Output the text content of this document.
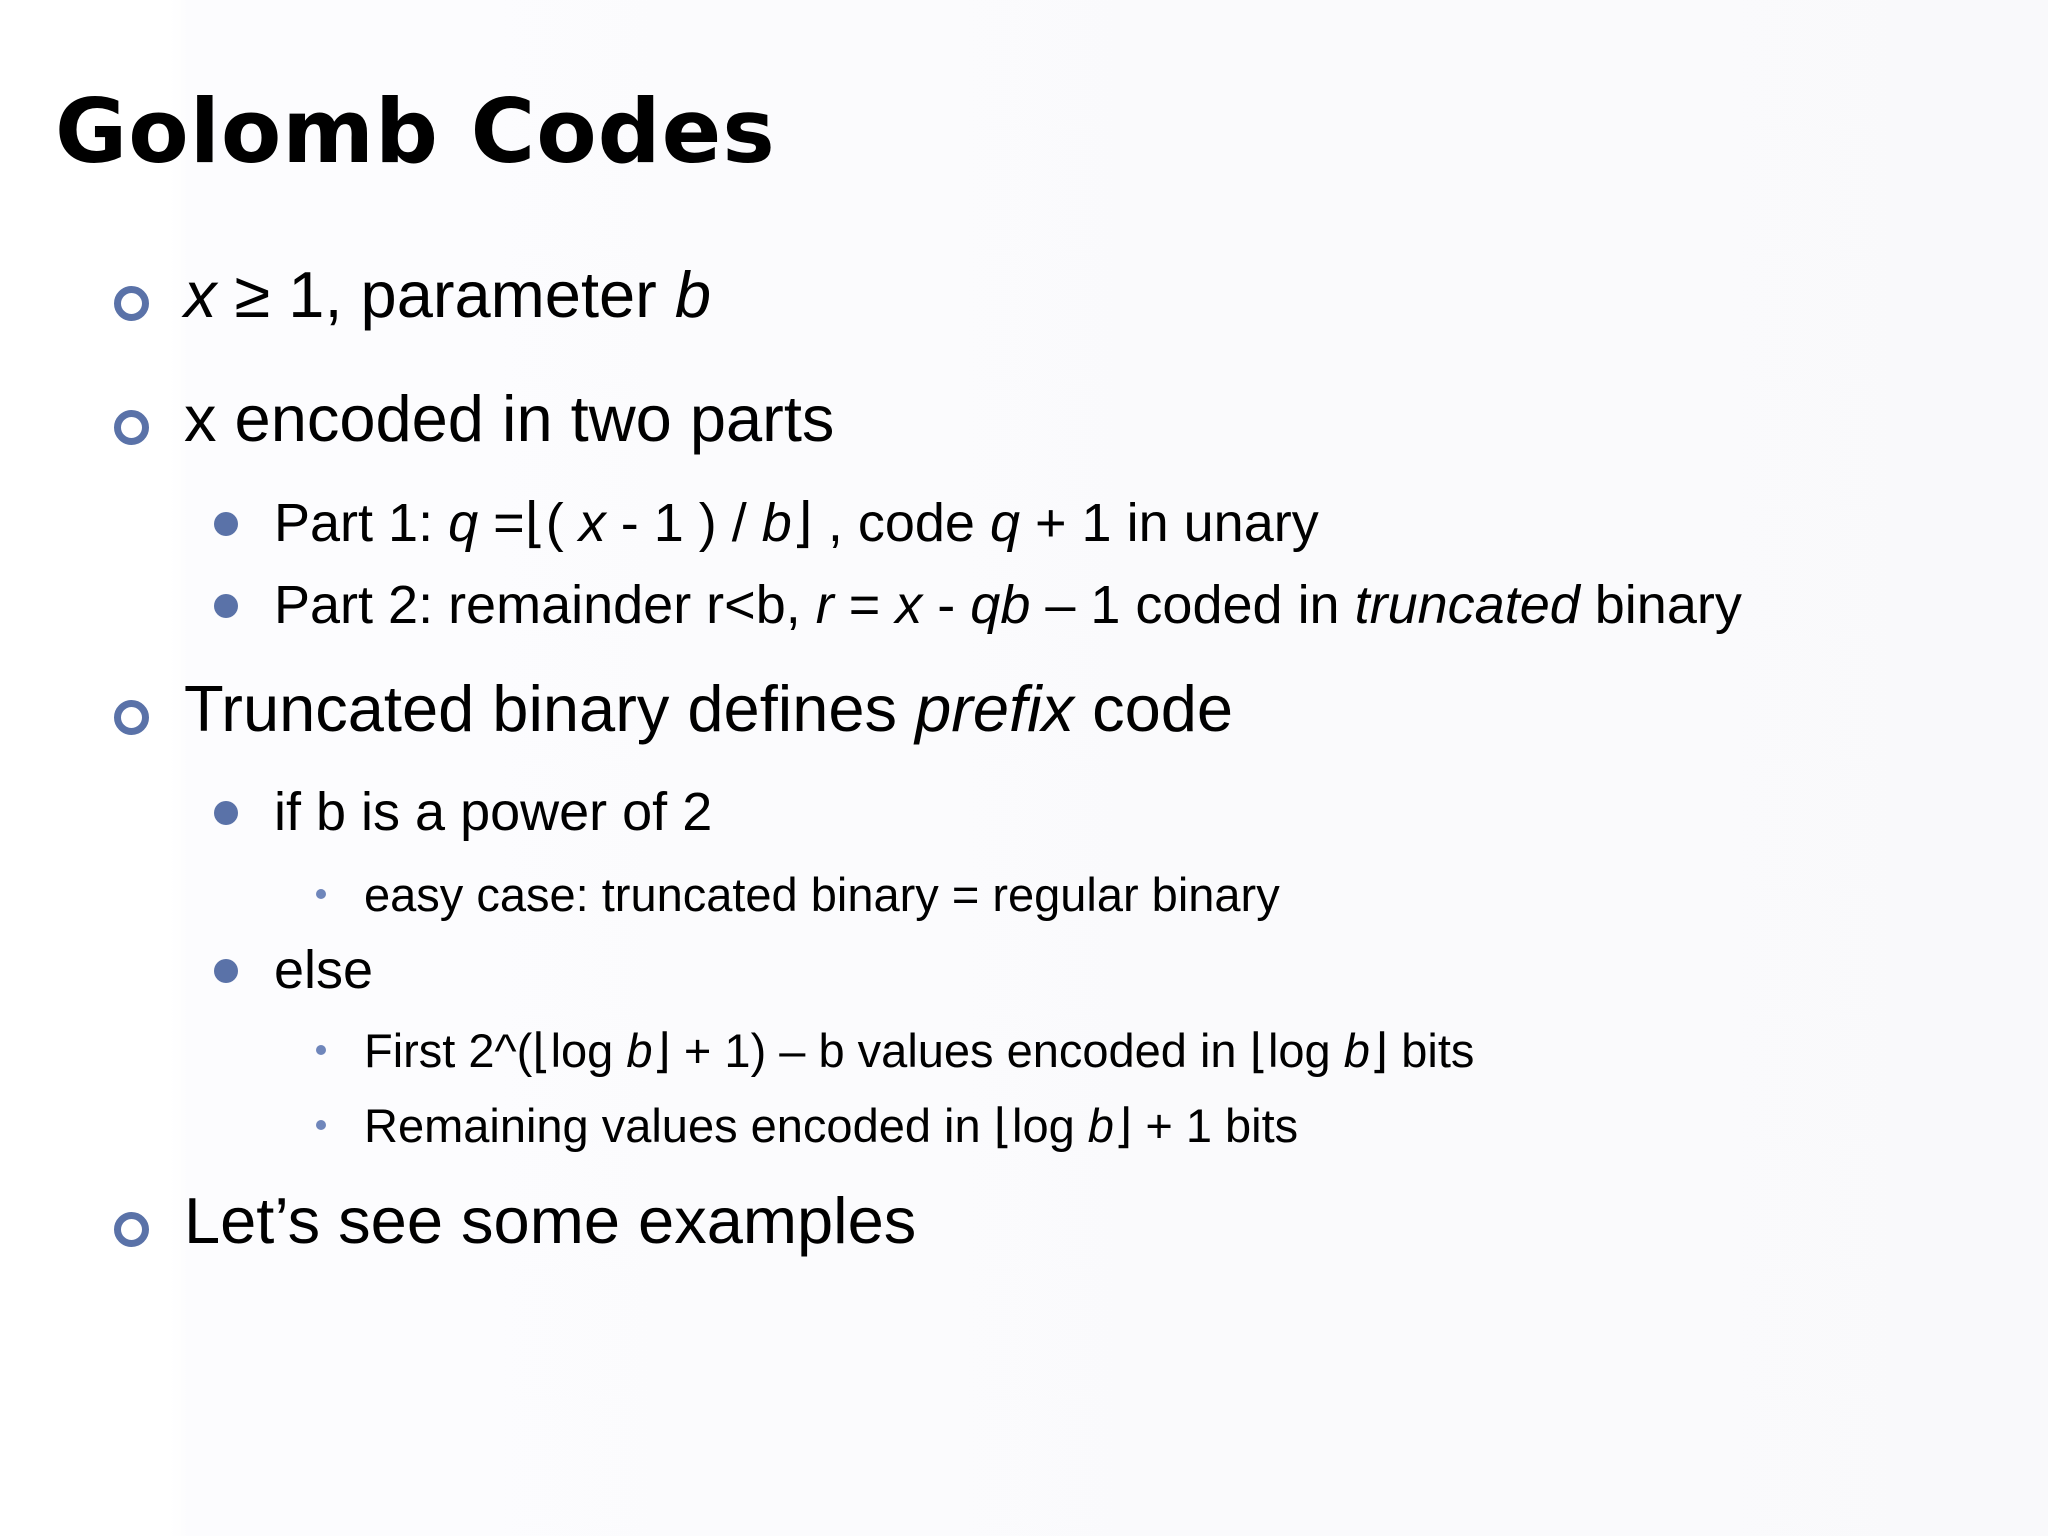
Golomb Codes
x ≥ 1, parameter b
x encoded in two parts
Part 1: q =⌊( x - 1 ) / b⌋ , code q + 1 in unary
Part 2: remainder r<b, r = x - qb – 1 coded in truncated binary
Truncated binary defines prefix code
if b is a power of 2
easy case: truncated binary = regular binary
else
First 2^(⌊log b⌋ + 1) – b values encoded in ⌊log b⌋ bits
Remaining values encoded in ⌊log b⌋ + 1 bits
Let’s see some examples
